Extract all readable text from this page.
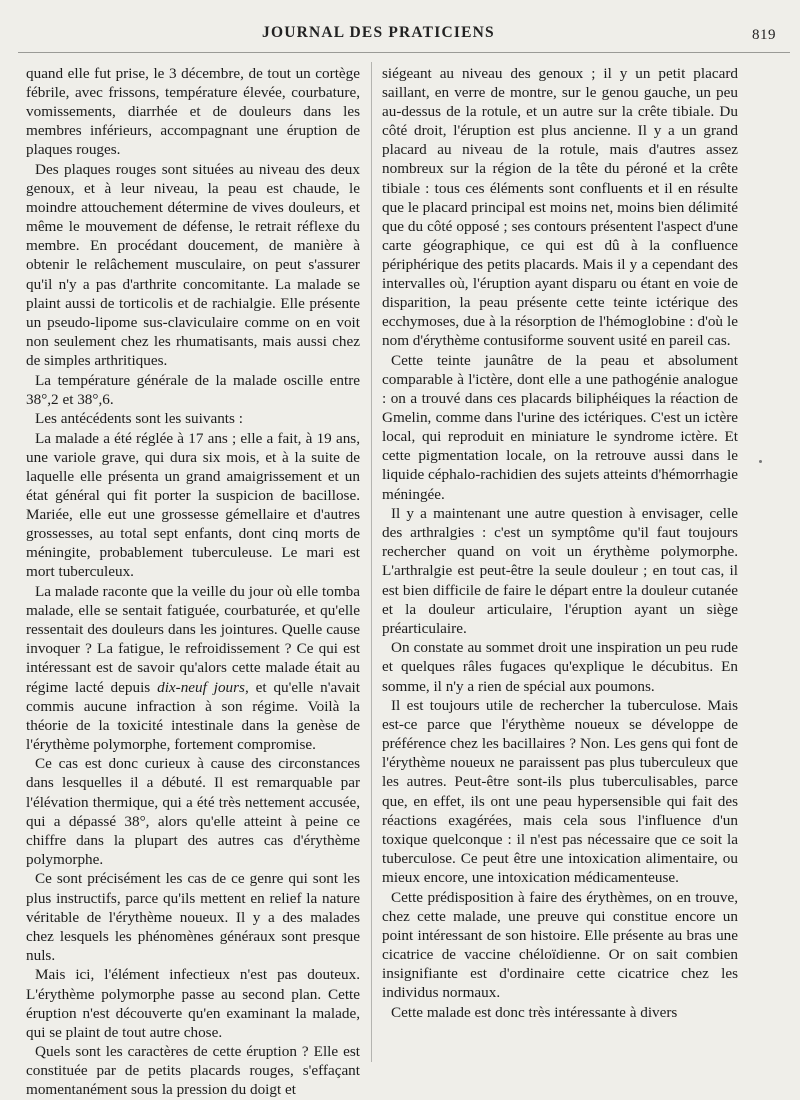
JOURNAL DES PRATICIENS	819

quand elle fut prise, le 3 décembre, de tout un cortège fébrile, avec frissons, température élevée, courbature, vomissements, diarrhée et de douleurs dans les membres inférieurs, accompagnant une éruption de plaques rouges.

Des plaques rouges sont situées au niveau des deux genoux, et à leur niveau, la peau est chaude, le moindre attouchement détermine de vives douleurs, et même le mouvement de défense, le retrait réflexe du membre. En procédant doucement, de manière à obtenir le relâchement musculaire, on peut s'assurer qu'il n'y a pas d'arthrite concomitante. La malade se plaint aussi de torticolis et de rachialgie. Elle présente un pseudo-lipome sus-claviculaire comme on en voit non seulement chez les rhumatisants, mais aussi chez de simples arthritiques.

La température générale de la malade oscille entre 38°,2 et 38°,6.

Les antécédents sont les suivants :

La malade a été réglée à 17 ans ; elle a fait, à 19 ans, une variole grave, qui dura six mois, et à la suite de laquelle elle présenta un grand amaigrissement et un état général qui fit porter la suspicion de bacillose. Mariée, elle eut une grossesse gémellaire et d'autres grossesses, au total sept enfants, dont cinq morts de méningite, probablement tuberculeuse. Le mari est mort tuberculeux.

La malade raconte que la veille du jour où elle tomba malade, elle se sentait fatiguée, courbaturée, et qu'elle ressentait des douleurs dans les jointures. Quelle cause invoquer ? La fatigue, le refroidissement ? Ce qui est intéressant est de savoir qu'alors cette malade était au régime lacté depuis dix-neuf jours, et qu'elle n'avait commis aucune infraction à son régime. Voilà la théorie de la toxicité intestinale dans la genèse de l'érythème polymorphe, fortement compromise.

Ce cas est donc curieux à cause des circonstances dans lesquelles il a débuté. Il est remarquable par l'élévation thermique, qui a été très nettement accusée, qui a dépassé 38°, alors qu'elle atteint à peine ce chiffre dans la plupart des autres cas d'érythème polymorphe.

Ce sont précisément les cas de ce genre qui sont les plus instructifs, parce qu'ils mettent en relief la nature véritable de l'érythème noueux. Il y a des malades chez lesquels les phénomènes généraux sont presque nuls.

Mais ici, l'élément infectieux n'est pas douteux. L'érythème polymorphe passe au second plan. Cette éruption n'est découverte qu'en examinant la malade, qui se plaint de tout autre chose.

Quels sont les caractères de cette éruption ? Elle est constituée par de petits placards rouges, s'effaçant momentanément sous la pression du doigt et

siégeant au niveau des genoux ; il y un petit placard saillant, en verre de montre, sur le genou gauche, un peu au-dessus de la rotule, et un autre sur la crête tibiale. Du côté droit, l'éruption est plus ancienne. Il y a un grand placard au niveau de la rotule, mais d'autres assez nombreux sur la région de la tête du péroné et la crête tibiale : tous ces éléments sont confluents et il en résulte que le placard principal est moins net, moins bien délimité que du côté opposé ; ses contours présentent l'aspect d'une carte géographique, ce qui est dû à la confluence périphérique des petits placards. Mais il y a cependant des intervalles où, l'éruption ayant disparu ou étant en voie de disparition, la peau présente cette teinte ictérique des ecchymoses, due à la résorption de l'hémoglobine : d'où le nom d'érythème contusiforme souvent usité en pareil cas.

Cette teinte jaunâtre de la peau et absolument comparable à l'ictère, dont elle a une pathogénie analogue : on a trouvé dans ces placards biliphéiques la réaction de Gmelin, comme dans l'urine des ictériques. C'est un ictère local, qui reproduit en miniature le syndrome ictère. Et cette pigmentation locale, on la retrouve aussi dans le liquide céphalo-rachidien des sujets atteints d'hémorrhagie méningée.

Il y a maintenant une autre question à envisager, celle des arthralgies : c'est un symptôme qu'il faut toujours rechercher quand on voit un érythème polymorphe. L'arthralgie est peut-être la seule douleur ; en tout cas, il est bien difficile de faire le départ entre la douleur cutanée et la douleur articulaire, l'éruption ayant un siège préarticulaire.

On constate au sommet droit une inspiration un peu rude et quelques râles fugaces qu'explique le décubitus. En somme, il n'y a rien de spécial aux poumons.

Il est toujours utile de rechercher la tuberculose. Mais est-ce parce que l'érythème noueux se développe de préférence chez les bacillaires ? Non. Les gens qui font de l'érythème noueux ne paraissent pas plus tuberculeux que les autres. Peut-être sont-ils plus tuberculisables, parce que, en effet, ils ont une peau hypersensible qui fait des réactions exagérées, mais cela sous l'influence d'un toxique quelconque : il n'est pas nécessaire que ce soit la tuberculose. Ce peut être une intoxication alimentaire, ou mieux encore, une intoxication médicamenteuse.

Cette prédisposition à faire des érythèmes, on en trouve, chez cette malade, une preuve qui constitue encore un point intéressant de son histoire. Elle présente au bras une cicatrice de vaccine chéloïdienne. Or on sait combien insignifiante est d'ordinaire cette cicatrice chez les individus normaux.

Cette malade est donc très intéressante à divers
